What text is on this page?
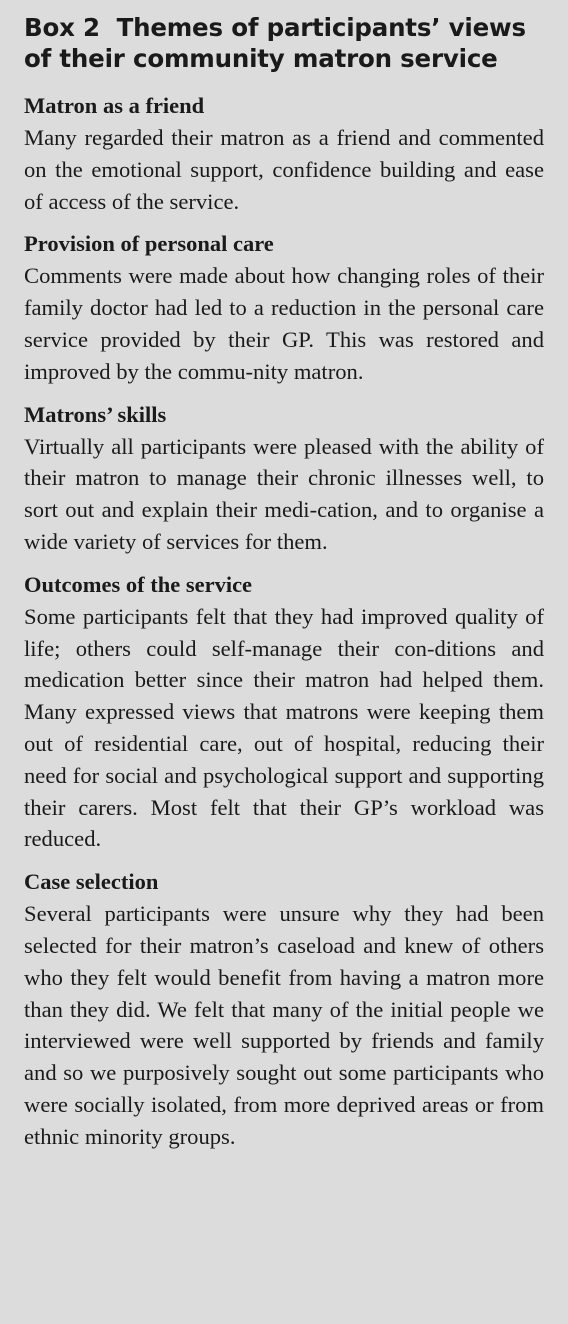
Box 2 Themes of participants’ views of their community matron service
Matron as a friend

Many regarded their matron as a friend and commented on the emotional support, confidence building and ease of access of the service.

Provision of personal care

Comments were made about how changing roles of their family doctor had led to a reduction in the personal care service provided by their GP. This was restored and improved by the commu-nity matron.

Matrons’ skills

Virtually all participants were pleased with the ability of their matron to manage their chronic illnesses well, to sort out and explain their medi-cation, and to organise a wide variety of services for them.

Outcomes of the service

Some participants felt that they had improved quality of life; others could self-manage their con-ditions and medication better since their matron had helped them. Many expressed views that matrons were keeping them out of residential care, out of hospital, reducing their need for social and psychological support and supporting their carers. Most felt that their GP’s workload was reduced.

Case selection

Several participants were unsure why they had been selected for their matron’s caseload and knew of others who they felt would benefit from having a matron more than they did. We felt that many of the initial people we interviewed were well supported by friends and family and so we purposively sought out some participants who were socially isolated, from more deprived areas or from ethnic minority groups.
